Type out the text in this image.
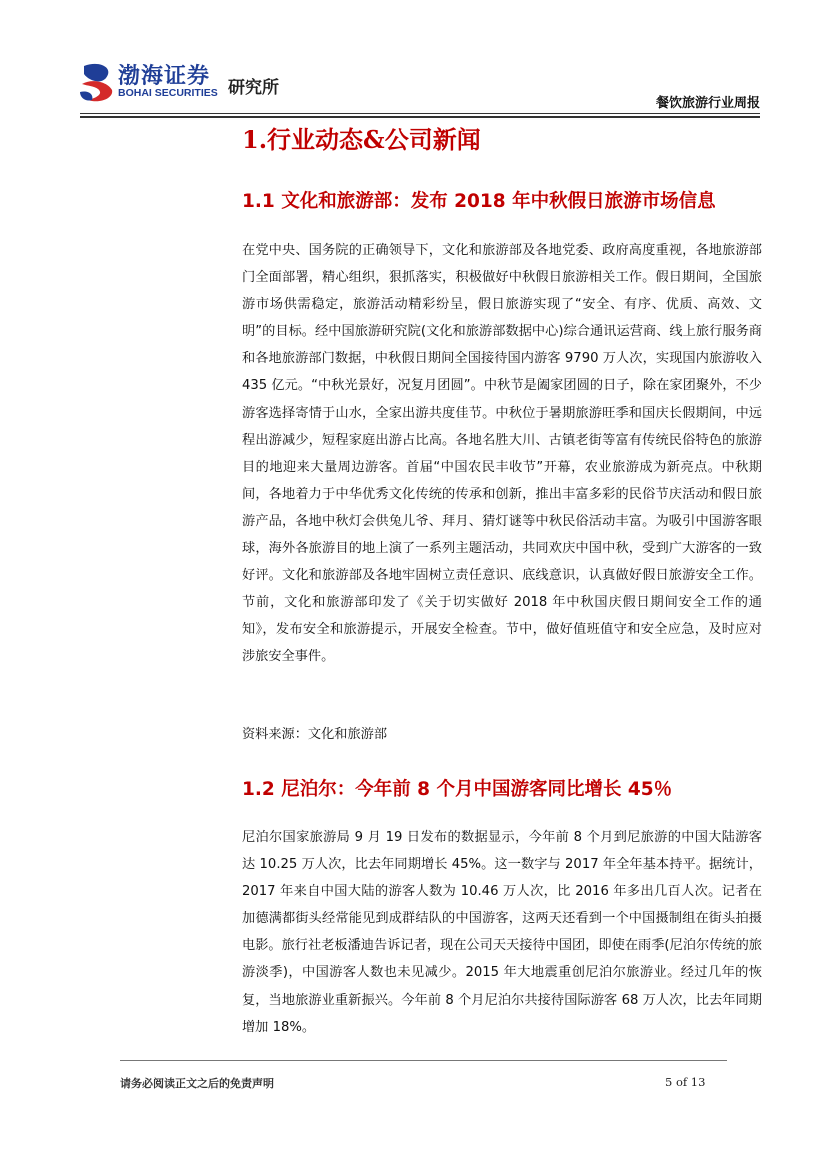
渤海证券
BOHAI SECURITIES 研究所
餐饮旅游行业周报
1.行业动态&公司新闻
1.1 文化和旅游部：发布 2018 年中秋假日旅游市场信息

在党中央、国务院的正确领导下，文化和旅游部及各地党委、政府高度重视，各地旅游部门全面部署，精心组织，狠抓落实，积极做好中秋假日旅游相关工作。假日期间，全国旅游市场供需稳定，旅游活动精彩纷呈，假日旅游实现了“安全、有序、优质、高效、文明”的目标。经中国旅游研究院(文化和旅游部数据中心)综合通讯运营商、线上旅行服务商和各地旅游部门数据，中秋假日期间全国接待国内游客 9790 万人次，实现国内旅游收入 435 亿元。“中秋光景好，况复月团圆”。中秋节是阖家团圆的日子，除在家团聚外，不少游客选择寄情于山水，全家出游共度佳节。中秋位于暑期旅游旺季和国庆长假期间，中远程出游减少，短程家庭出游占比高。各地名胜大川、古镇老街等富有传统民俗特色的旅游目的地迎来大量周边游客。首届“中国农民丰收节”开幕，农业旅游成为新亮点。中秋期间，各地着力于中华优秀文化传统的传承和创新，推出丰富多彩的民俗节庆活动和假日旅游产品，各地中秋灯会供兔儿爷、拜月、猜灯谜等中秋民俗活动丰富。为吸引中国游客眼球，海外各旅游目的地上演了一系列主题活动，共同欢庆中国中秋，受到广大游客的一致好评。文化和旅游部及各地牢固树立责任意识、底线意识，认真做好假日旅游安全工作。节前，文化和旅游部印发了《关于切实做好 2018 年中秋国庆假日期间安全工作的通知》，发布安全和旅游提示，开展安全检查。节中，做好值班值守和安全应急，及时应对涉旅安全事件。

资料来源：文化和旅游部
1.2 尼泊尔：今年前 8 个月中国游客同比增长 45％

尼泊尔国家旅游局 9 月 19 日发布的数据显示，今年前 8 个月到尼旅游的中国大陆游客达 10.25 万人次，比去年同期增长 45%。这一数字与 2017 年全年基本持平。据统计，2017 年来自中国大陆的游客人数为 10.46 万人次，比 2016 年多出几百人次。记者在加德满都街头经常能见到成群结队的中国游客，这两天还看到一个中国摄制组在街头拍摄电影。旅行社老板潘迪告诉记者，现在公司天天接待中国团，即使在雨季(尼泊尔传统的旅游淡季)，中国游客人数也未见减少。2015 年大地震重创尼泊尔旅游业。经过几年的恢复，当地旅游业重新振兴。今年前 8 个月尼泊尔共接待国际游客 68 万人次，比去年同期增加 18%。

请务必阅读正文之后的免责声明	5 of 13
